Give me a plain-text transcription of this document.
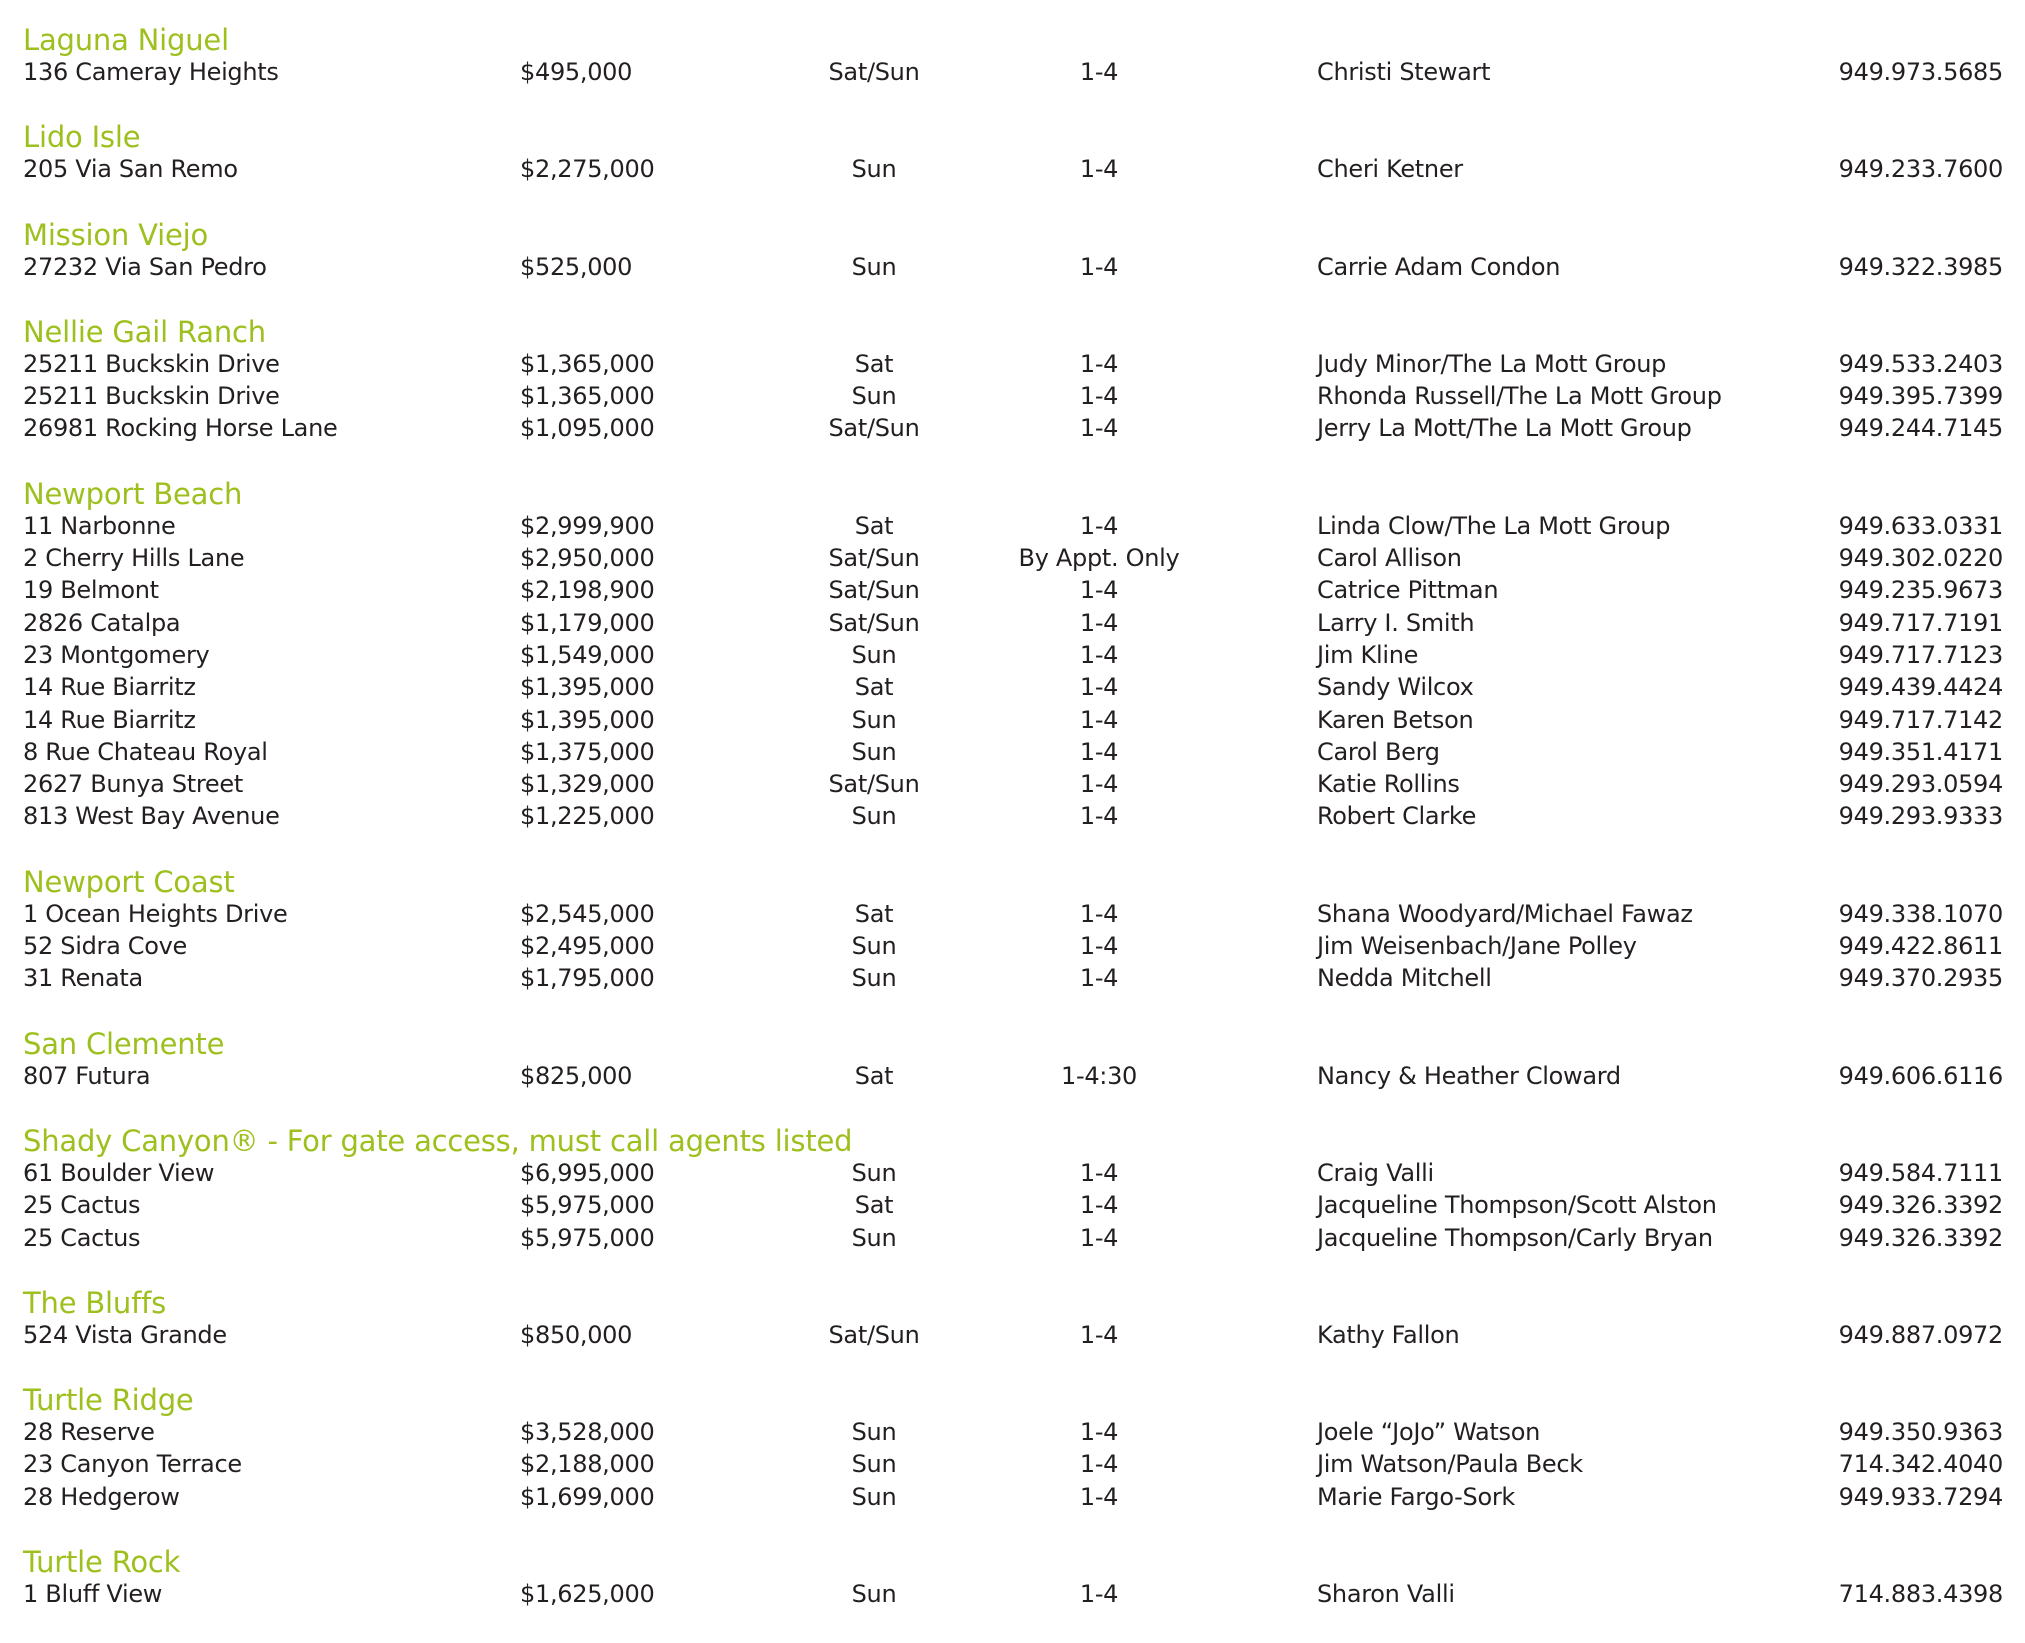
Laguna Niguel
136 Cameray Heights	$495,000	Sat/Sun	1-4	Christi Stewart	949.973.5685
Lido Isle
205 Via San Remo	$2,275,000	Sun	1-4	Cheri Ketner	949.233.7600
Mission Viejo
27232 Via San Pedro	$525,000	Sun	1-4	Carrie Adam Condon	949.322.3985
Nellie Gail Ranch
25211 Buckskin Drive	$1,365,000	Sat	1-4	Judy Minor/The La Mott Group	949.533.2403
25211 Buckskin Drive	$1,365,000	Sun	1-4	Rhonda Russell/The La Mott Group	949.395.7399
26981 Rocking Horse Lane	$1,095,000	Sat/Sun	1-4	Jerry La Mott/The La Mott Group	949.244.7145
Newport Beach
11 Narbonne	$2,999,900	Sat	1-4	Linda Clow/The La Mott Group	949.633.0331
2 Cherry Hills Lane	$2,950,000	Sat/Sun	By Appt. Only	Carol Allison	949.302.0220
19 Belmont	$2,198,900	Sat/Sun	1-4	Catrice Pittman	949.235.9673
2826 Catalpa	$1,179,000	Sat/Sun	1-4	Larry I. Smith	949.717.7191
23 Montgomery	$1,549,000	Sun	1-4	Jim Kline	949.717.7123
14 Rue Biarritz	$1,395,000	Sat	1-4	Sandy Wilcox	949.439.4424
14 Rue Biarritz	$1,395,000	Sun	1-4	Karen Betson	949.717.7142
8 Rue Chateau Royal	$1,375,000	Sun	1-4	Carol Berg	949.351.4171
2627 Bunya Street	$1,329,000	Sat/Sun	1-4	Katie Rollins	949.293.0594
813 West Bay Avenue	$1,225,000	Sun	1-4	Robert Clarke	949.293.9333
Newport Coast
1 Ocean Heights Drive	$2,545,000	Sat	1-4	Shana Woodyard/Michael Fawaz	949.338.1070
52 Sidra Cove	$2,495,000	Sun	1-4	Jim Weisenbach/Jane Polley	949.422.8611
31 Renata	$1,795,000	Sun	1-4	Nedda Mitchell	949.370.2935
San Clemente
807 Futura	$825,000	Sat	1-4:30	Nancy & Heather Cloward	949.606.6116
Shady Canyon® - For gate access, must call agents listed
61 Boulder View	$6,995,000	Sun	1-4	Craig Valli	949.584.7111
25 Cactus	$5,975,000	Sat	1-4	Jacqueline Thompson/Scott Alston	949.326.3392
25 Cactus	$5,975,000	Sun	1-4	Jacqueline Thompson/Carly Bryan	949.326.3392
The Bluffs
524 Vista Grande	$850,000	Sat/Sun	1-4	Kathy Fallon	949.887.0972
Turtle Ridge
28 Reserve	$3,528,000	Sun	1-4	Joele “JoJo” Watson	949.350.9363
23 Canyon Terrace	$2,188,000	Sun	1-4	Jim Watson/Paula Beck	714.342.4040
28 Hedgerow	$1,699,000	Sun	1-4	Marie Fargo-Sork	949.933.7294
Turtle Rock
1 Bluff View	$1,625,000	Sun	1-4	Sharon Valli	714.883.4398
